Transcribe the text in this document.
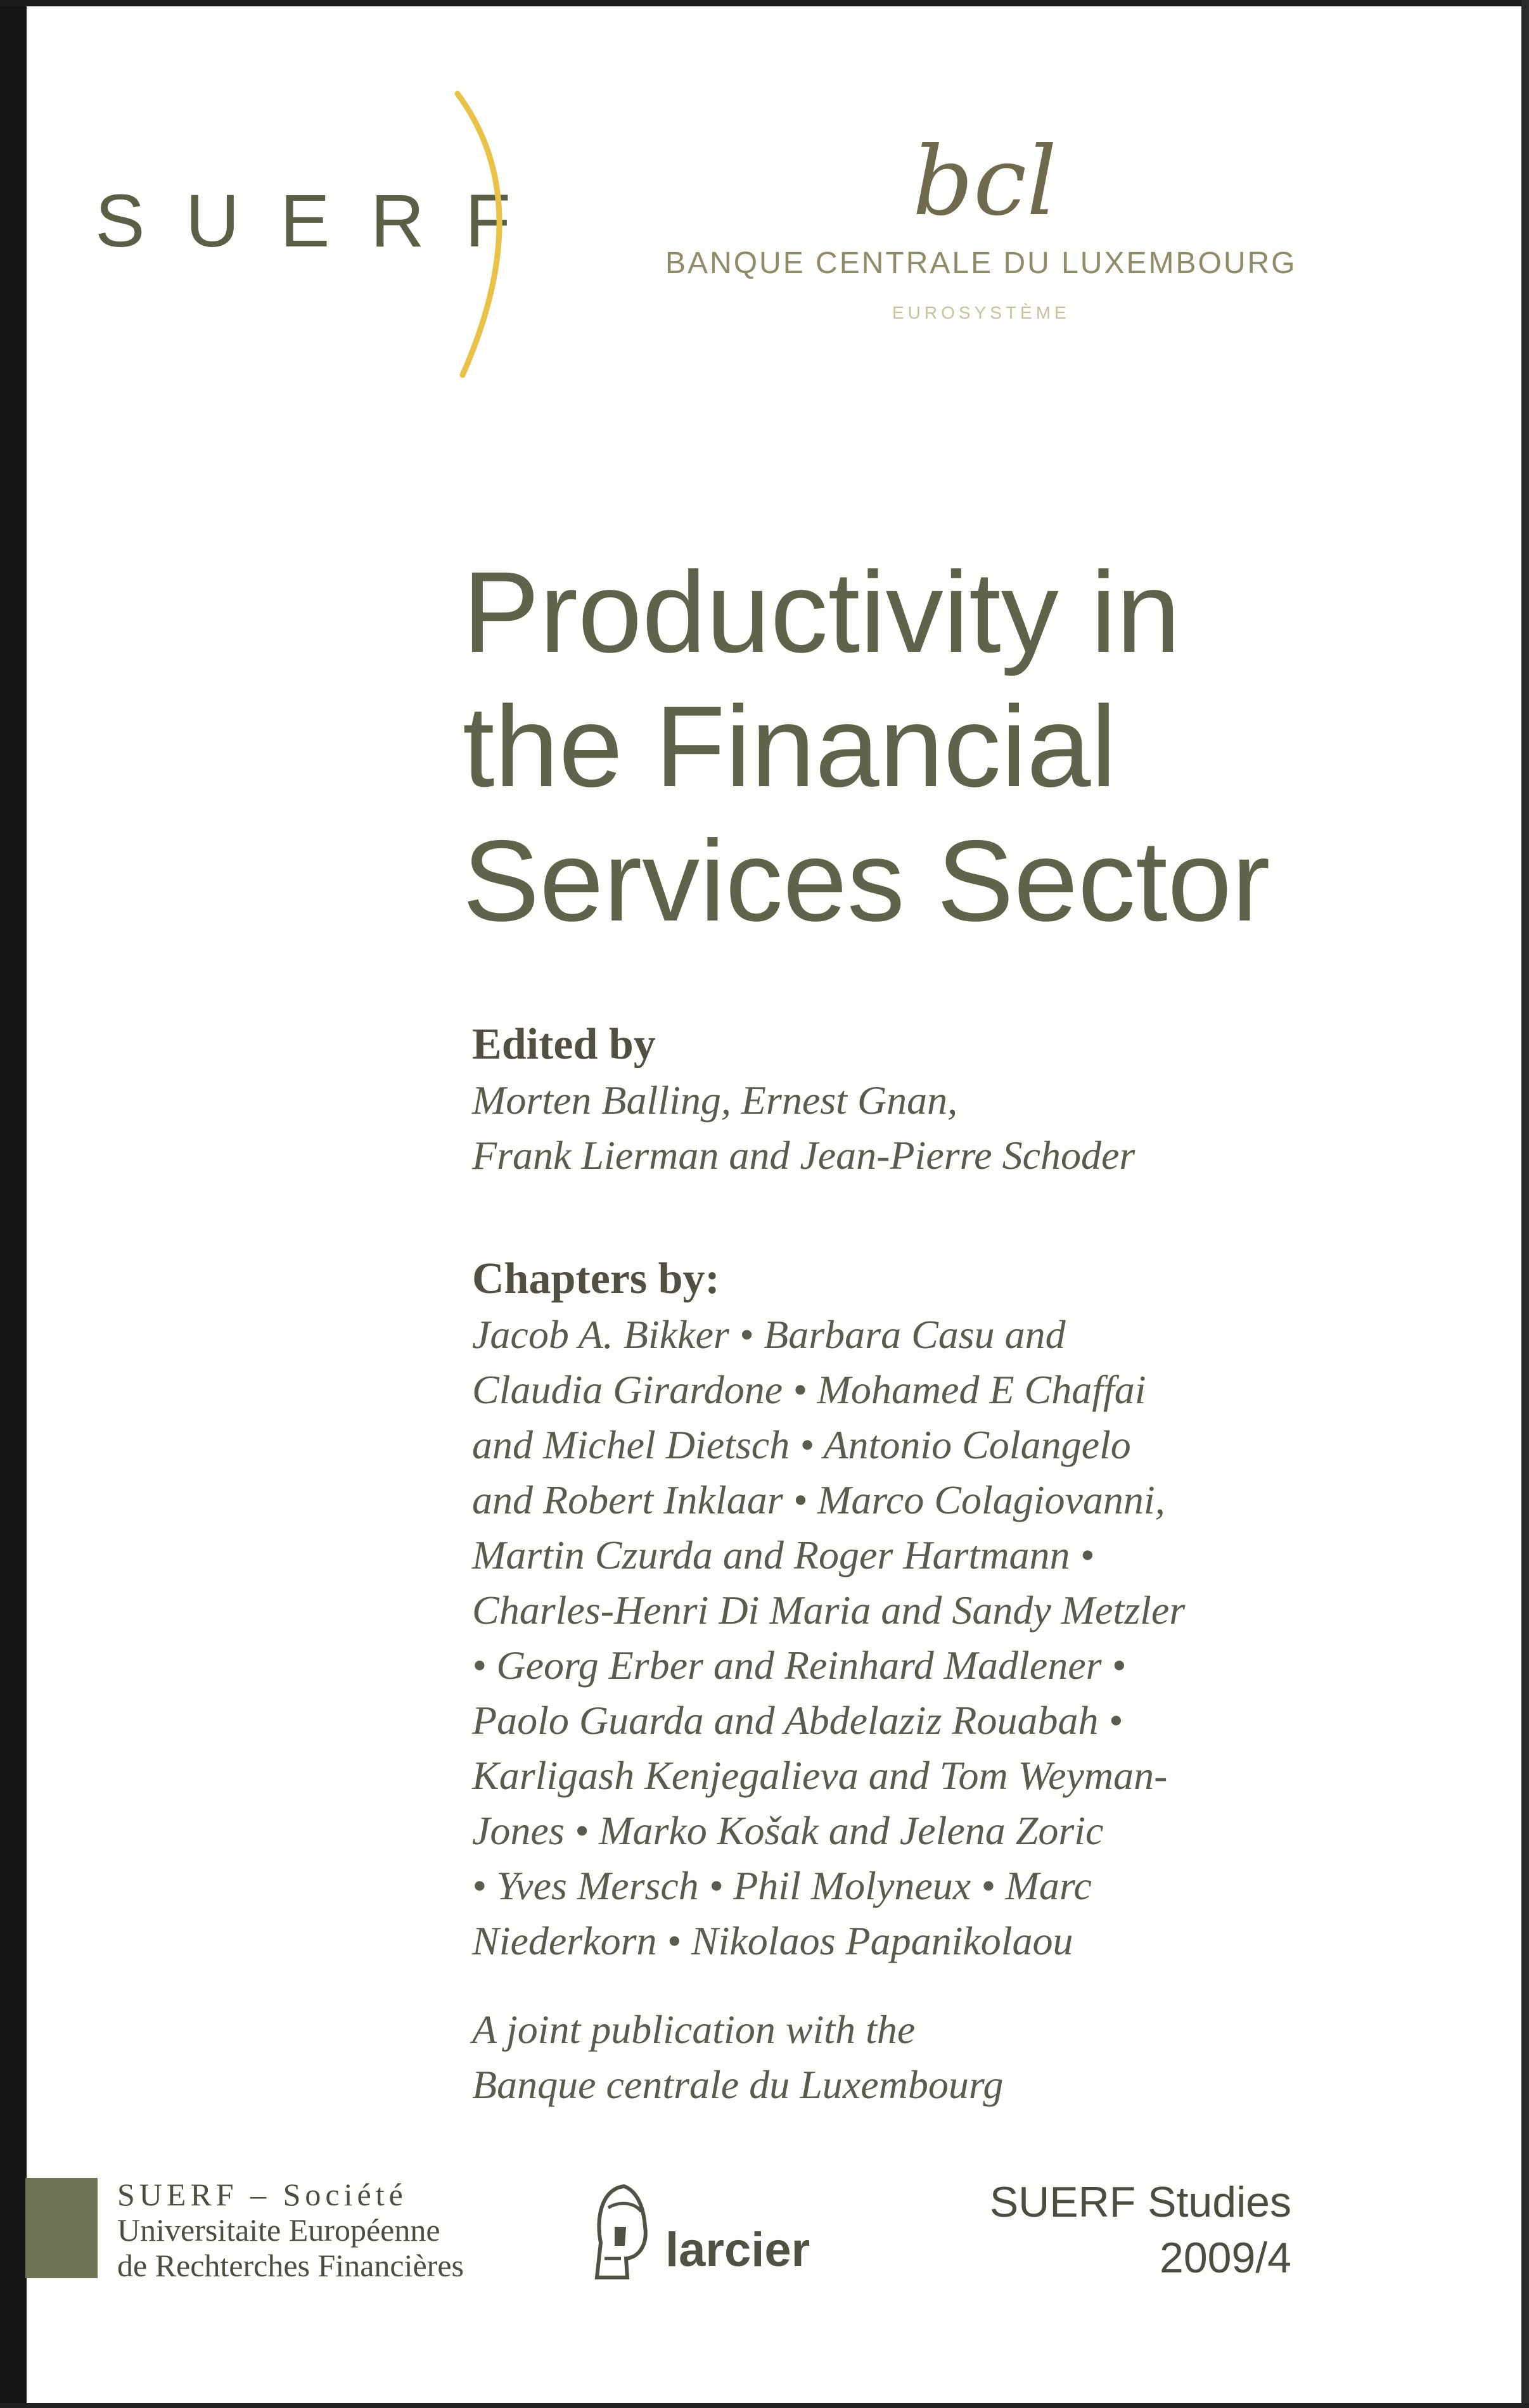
SUERF	bcl
BANQUE CENTRALE DU LUXEMBOURG
EUROSYSTÈME
Productivity in
the Financial
Services Sector
Edited by
Morten Balling, Ernest Gnan,
Frank Lierman and Jean-Pierre Schoder
Chapters by:
Jacob A. Bikker • Barbara Casu and
Claudia Girardone • Mohamed E Chaffai
and Michel Dietsch • Antonio Colangelo
and Robert Inklaar • Marco Colagiovanni,
Martin Czurda and Roger Hartmann •
Charles-Henri Di Maria and Sandy Metzler
• Georg Erber and Reinhard Madlener •
Paolo Guarda and Abdelaziz Rouabah •
Karligash Kenjegalieva and Tom Weyman-
Jones • Marko Košak and Jelena Zoric
• Yves Mersch • Phil Molyneux • Marc
Niederkorn • Nikolaos Papanikolaou
A joint publication with the
Banque centrale du Luxembourg
SUERF – Société
Universitaite Européenne
de Rechterches Financières	larcier
SUERF Studies
2009/4
